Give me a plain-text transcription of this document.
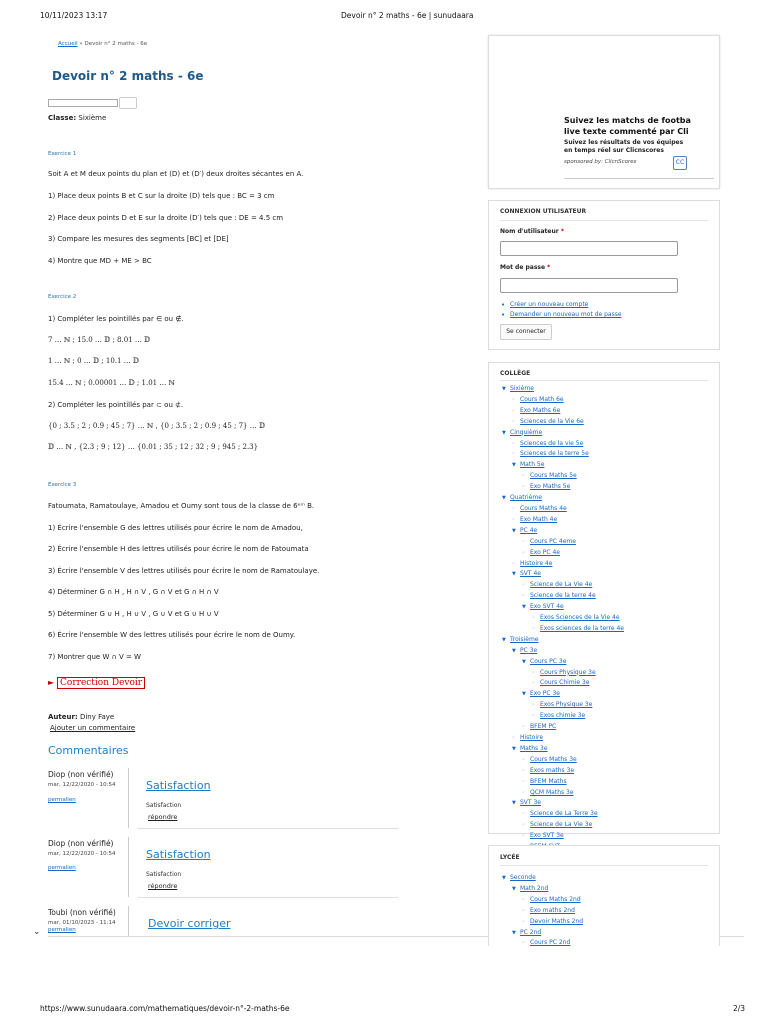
10/11/2023 13:17	Devoir n° 2 maths - 6e | sunudaara
Accueil » Devoir n° 2 maths - 6e
Devoir n° 2 maths - 6e
Classe: Sixième
Exercice 1
Soit A et M deux points du plan et (D) et (D′) deux droites sécantes en A.
1) Place deux points B et C sur la droite (D) tels que : BC = 3 cm
2) Place deux points D et E sur la droite (D′) tels que : DE = 4.5 cm
3) Compare les mesures des segments [BC] et [DE]
4) Montre que MD + ME > BC
Exercice 2
1) Compléter les pointillés par ∈ ou ∉.
7 … ℕ ; 15.0 … 𝔻 ; 8.01 … 𝔻
1 … ℕ ; 0 … 𝔻 ; 10.1 … 𝔻
15.4 … ℕ ; 0.00001 … 𝔻 ; 1.01 … ℕ
2) Compléter les pointillés par ⊂ ou ⊄.
{0 ; 3.5 ; 2 ; 0.9 ; 45 ; 7} … ℕ , {0 ; 3.5 ; 2 ; 0.9 ; 45 ; 7} … 𝔻
𝔻 … ℕ , {2.3 ; 9 ; 12} … {0.01 ; 35 ; 12 ; 32 ; 9 ; 945 ; 2.3}
Exercice 3
Fatoumata, Ramatoulaye, Amadou et Oumy sont tous de la classe de 6ᵉᵐ B.
1) Écrire l'ensemble G des lettres utilisés pour écrire le nom de Amadou,
2) Écrire l'ensemble H des lettres utilisés pour écrire le nom de Fatoumata
3) Écrire l'ensemble V des lettres utilisés pour écrire le nom de Ramatoulaye.
4) Déterminer G ∩ H , H ∩ V , G ∩ V et G ∩ H ∩ V
5) Déterminer G ∪ H , H ∪ V , G ∪ V et G ∪ H ∪ V
6) Écrire l'ensemble W des lettres utilisés pour écrire le nom de Oumy.
7) Montrer que W ∩ V = W
► Correction Devoir
Auteur: Diny Faye
Ajouter un commentaire
Commentaires
Diop (non vérifié)
mar, 12/22/2020 - 10:54
permalien
Satisfaction
Satisfaction
répondre
Diop (non vérifié)
mar, 12/22/2020 - 10:54
permalien
Satisfaction
Satisfaction
répondre
Toubi (non vérifié)
mar, 01/10/2023 - 11:14
permalien	Devoir corriger
⌄
Suivez les matchs de footba
live texte commenté par Cli
Suivez les résultats de vos équipes
en temps réel sur Clicnscores
sponsored by: ClicnScores	CC
CONNEXION UTILISATEUR
Nom d'utilisateur *
Mot de passe *
• Créer un nouveau compte
• Demander un nouveau mot de passe
Se connecter
COLLÈGE
▼ Sixième
◦ Cours Math 6e
◦ Exo Maths 6e
◦ Sciences de la Vie 6e
▼ Cinquième
◦ Sciences de la vie 5e
◦ Sciences de la terre 5e
▼ Math 5e
◦ Cours Maths 5e
◦ Exo Maths 5e
▼ Quatrième
◦ Cours Maths 4e
◦ Exo Math 4e
▼ PC 4e
◦ Cours PC 4eme
◦ Exo PC 4e
◦ Histoire 4e
▼ SVT 4e
◦ Science de La Vie 4e
◦ Science de la terre 4e
▼ Exo SVT 4e
◦ Exos Sciences de la Vie 4e
◦ Exos sciences de la terre 4e
▼ Troisième
▼ PC 3e
▼ Cours PC 3e
◦ Cours Physique 3e
◦ Cours Chimie 3e
▼ Exo PC 3e
◦ Exos Physique 3e
◦ Exos chimie 3e
◦ BFEM PC
◦ Histoire
▼ Maths 3e
◦ Cours Maths 3e
◦ Exos maths 3e
◦ BFEM Maths
◦ QCM Maths 3e
▼ SVT 3e
◦ Science de La Terre 3e
◦ Science de La Vie 3e
◦ Exo SVT 3e
LYCÉE
▼ Seconde
▼ Math 2nd
◦ Cours Maths 2nd
◦ Exo maths 2nd
◦ Devoir Maths 2nd
▼ PC 2nd
◦ Cours PC 2nd
https://www.sunudaara.com/mathematiques/devoir-n°-2-maths-6e	2/3
